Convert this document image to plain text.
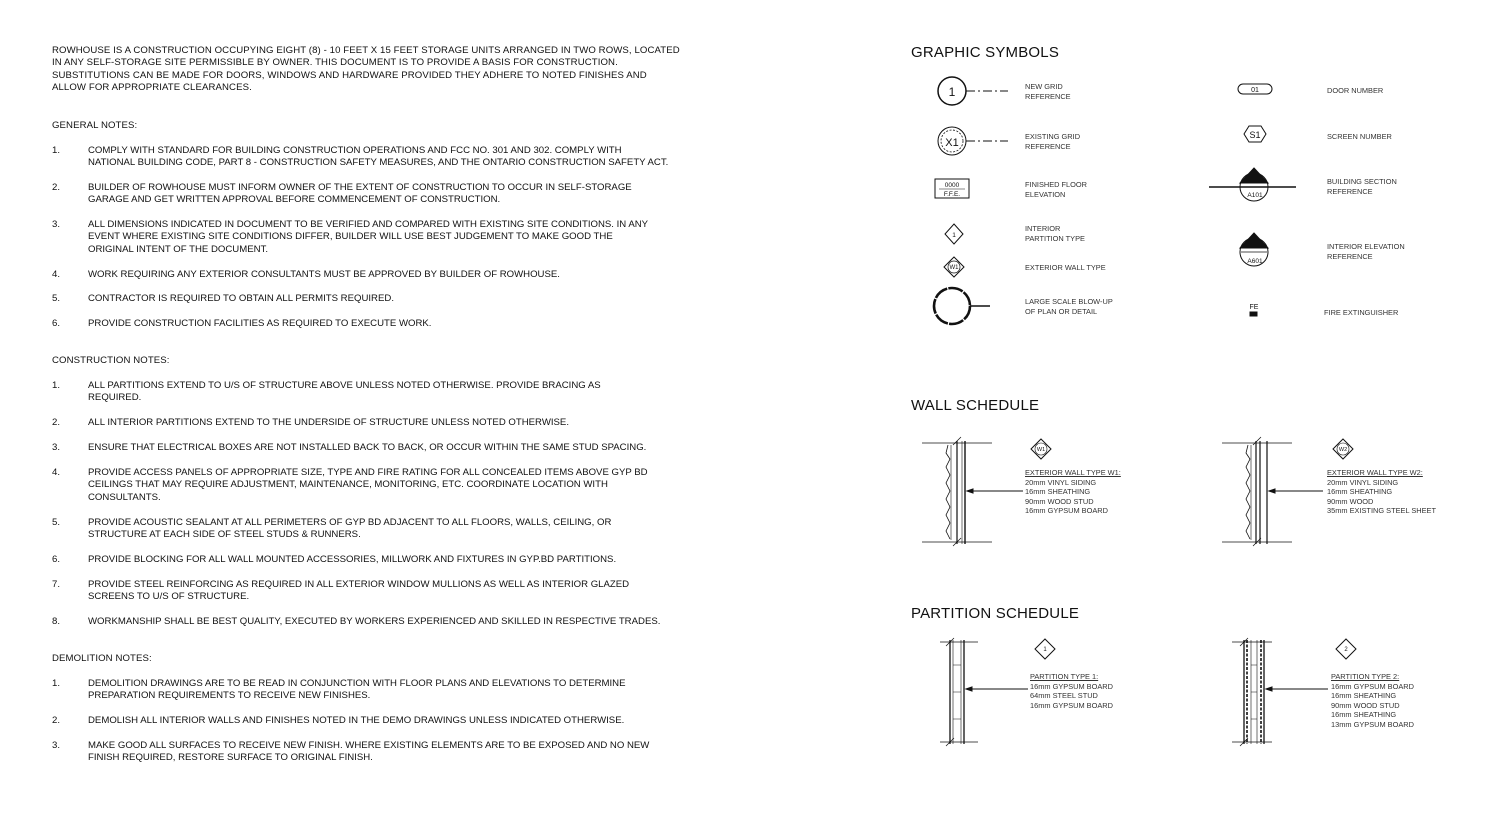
ROWHOUSE IS A CONSTRUCTION OCCUPYING EIGHT (8) - 10 FEET X 15 FEET STORAGE UNITS ARRANGED IN TWO ROWS, LOCATED
IN ANY SELF-STORAGE SITE PERMISSIBLE BY OWNER. THIS DOCUMENT IS TO PROVIDE A BASIS FOR CONSTRUCTION.
SUBSTITUTIONS CAN BE MADE FOR DOORS, WINDOWS AND HARDWARE PROVIDED THEY ADHERE TO NOTED FINISHES AND
ALLOW FOR APPROPRIATE CLEARANCES.
GENERAL NOTES:
1.	COMPLY WITH STANDARD FOR BUILDING CONSTRUCTION OPERATIONS AND FCC NO. 301 AND 302. COMPLY WITH
NATIONAL BUILDING CODE, PART 8 - CONSTRUCTION SAFETY MEASURES, AND THE ONTARIO CONSTRUCTION SAFETY ACT.
2.	BUILDER OF ROWHOUSE MUST INFORM OWNER OF THE EXTENT OF CONSTRUCTION TO OCCUR IN SELF-STORAGE
GARAGE AND GET WRITTEN APPROVAL BEFORE COMMENCEMENT OF CONSTRUCTION.
3.	ALL DIMENSIONS INDICATED IN DOCUMENT TO BE VERIFIED AND COMPARED WITH EXISTING SITE CONDITIONS. IN ANY
EVENT WHERE EXISTING SITE CONDITIONS DIFFER, BUILDER WILL USE BEST JUDGEMENT TO MAKE GOOD THE
ORIGINAL INTENT OF THE DOCUMENT.
4.	WORK REQUIRING ANY EXTERIOR CONSULTANTS MUST BE APPROVED BY BUILDER OF ROWHOUSE.
5.	CONTRACTOR IS REQUIRED TO OBTAIN ALL PERMITS REQUIRED.
6.	PROVIDE CONSTRUCTION FACILITIES AS REQUIRED TO EXECUTE WORK.
CONSTRUCTION NOTES:
1.	ALL PARTITIONS EXTEND TO U/S OF STRUCTURE ABOVE UNLESS NOTED OTHERWISE. PROVIDE BRACING AS
REQUIRED.
2.	ALL INTERIOR PARTITIONS EXTEND TO THE UNDERSIDE OF STRUCTURE UNLESS NOTED OTHERWISE.
3.	ENSURE THAT ELECTRICAL BOXES ARE NOT INSTALLED BACK TO BACK, OR OCCUR WITHIN THE SAME STUD SPACING.
4.	PROVIDE ACCESS PANELS OF APPROPRIATE SIZE, TYPE AND FIRE RATING FOR ALL CONCEALED ITEMS ABOVE GYP BD
CEILINGS THAT MAY REQUIRE ADJUSTMENT, MAINTENANCE, MONITORING, ETC. COORDINATE LOCATION WITH
CONSULTANTS.
5.	PROVIDE ACOUSTIC SEALANT AT ALL PERIMETERS OF GYP BD ADJACENT TO ALL FLOORS, WALLS, CEILING, OR
STRUCTURE AT EACH SIDE OF STEEL STUDS & RUNNERS.
6.	PROVIDE BLOCKING FOR ALL WALL MOUNTED ACCESSORIES, MILLWORK AND FIXTURES IN GYP.BD PARTITIONS.
7.	PROVIDE STEEL REINFORCING AS REQUIRED IN ALL EXTERIOR WINDOW MULLIONS AS WELL AS INTERIOR GLAZED
SCREENS TO U/S OF STRUCTURE.
8.	WORKMANSHIP SHALL BE BEST QUALITY, EXECUTED BY WORKERS EXPERIENCED AND SKILLED IN RESPECTIVE TRADES.
DEMOLITION NOTES:
1.	DEMOLITION DRAWINGS ARE TO BE READ IN CONJUNCTION WITH FLOOR PLANS AND ELEVATIONS TO DETERMINE
PREPARATION REQUIREMENTS TO RECEIVE NEW FINISHES.
2.	DEMOLISH ALL INTERIOR WALLS AND FINISHES NOTED IN THE DEMO DRAWINGS UNLESS INDICATED OTHERWISE.
3.	MAKE GOOD ALL SURFACES TO RECEIVE NEW FINISH. WHERE EXISTING ELEMENTS ARE TO BE EXPOSED AND NO NEW
FINISH REQUIRED, RESTORE SURFACE TO ORIGINAL FINISH.
GRAPHIC SYMBOLS
1
X1
0000
F.F.E.
1
W1
01
S1
A101
A601
FE
NEW GRID
REFERENCE
EXISTING GRID
REFERENCE
FINISHED FLOOR
ELEVATION
INTERIOR
PARTITION TYPE
EXTERIOR WALL TYPE
LARGE SCALE BLOW-UP
OF PLAN OR DETAIL
DOOR NUMBER
SCREEN NUMBER
BUILDING SECTION
REFERENCE
INTERIOR ELEVATION
REFERENCE
FIRE EXTINGUISHER
WALL SCHEDULE
W1	W2
EXTERIOR WALL TYPE W1:
20mm VINYL SIDING
16mm SHEATHING
90mm WOOD STUD
16mm GYPSUM BOARD
EXTERIOR WALL TYPE W2:
20mm VINYL SIDING
16mm SHEATHING
90mm WOOD
35mm EXISTING STEEL SHEET
PARTITION SCHEDULE
1	2
PARTITION TYPE 1:
16mm GYPSUM BOARD
64mm STEEL STUD
16mm GYPSUM BOARD
PARTITION TYPE 2:
16mm GYPSUM BOARD
16mm SHEATHING
90mm WOOD STUD
16mm SHEATHING
13mm GYPSUM BOARD
